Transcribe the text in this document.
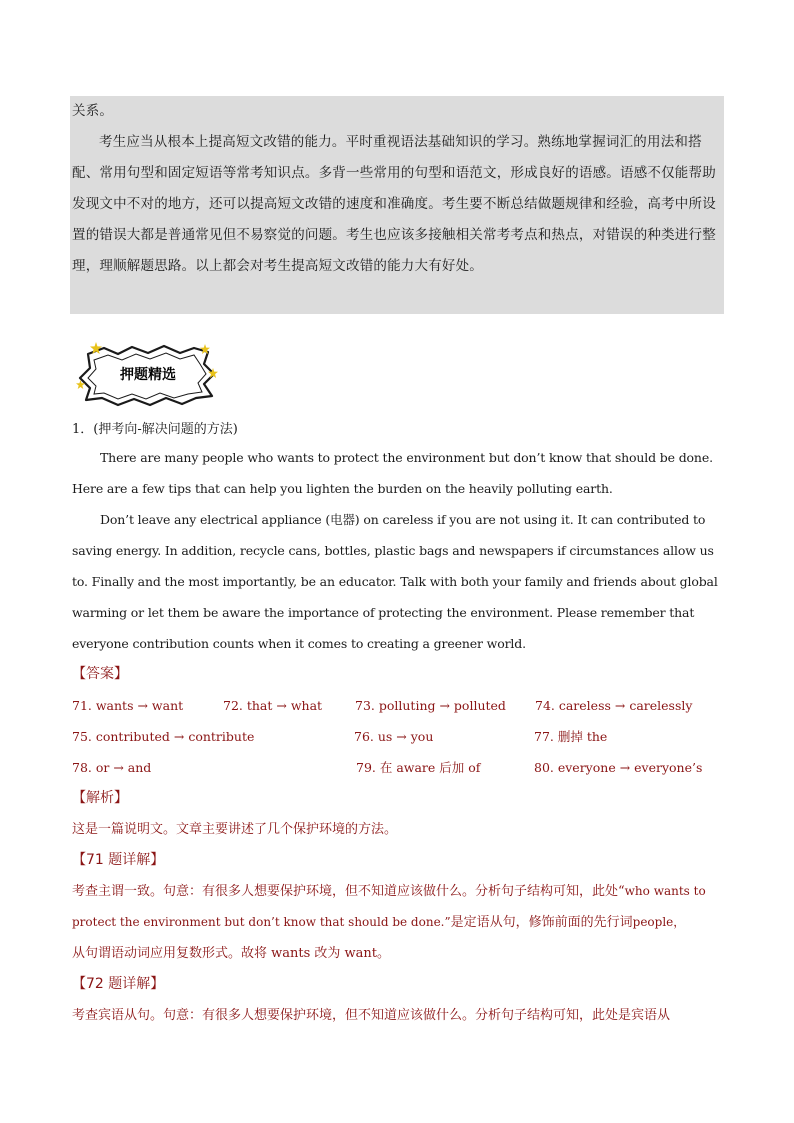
关系。

考生应当从根本上提高短文改错的能力。平时重视语法基础知识的学习。熟练地掌握词汇的用法和搭配、常用句型和固定短语等常考知识点。多背一些常用的句型和语范文，形成良好的语感。语感不仅能帮助发现文中不对的地方，还可以提高短文改错的速度和准确度。考生要不断总结做题规律和经验，高考中所设置的错误大都是普通常见但不易察觉的问题。考生也应该多接触相关常考考点和热点，对错误的种类进行整理，理顺解题思路。以上都会对考生提高短文改错的能力大有好处。

押题精选

1．(押考向-解决问题的方法)

There are many people who wants to protect the environment but don’t know that should be done. Here are a few tips that can help you lighten the burden on the heavily polluting earth.

Don’t leave any electrical appliance (电器) on careless if you are not using it. It can contributed to saving energy. In addition, recycle cans, bottles, plastic bags and newspapers if circumstances allow us to. Finally and the most importantly, be an educator. Talk with both your family and friends about global warming or let them be aware the importance of protecting the environment. Please remember that everyone contribution counts when it comes to creating a greener world.

【答案】

71. wants → want	72. that → what	73. polluting → polluted 74. careless → carelessly
75. contributed → contribute	76. us → you	77. 删掉 the
78. or → and	79. 在 aware 后加 of	80. everyone → everyone’s

【解析】

这是一篇说明文。文章主要讲述了几个保护环境的方法。

【71 题详解】

考查主谓一致。句意：有很多人想要保护环境，但不知道应该做什么。分析句子结构可知，此处“who wants to protect the environment but don’t know that should be done.”是定语从句，修饰前面的先行词people，
从句谓语动词应用复数形式。故将 wants 改为 want。

【72 题详解】

考查宾语从句。句意：有很多人想要保护环境，但不知道应该做什么。分析句子结构可知，此处是宾语从
